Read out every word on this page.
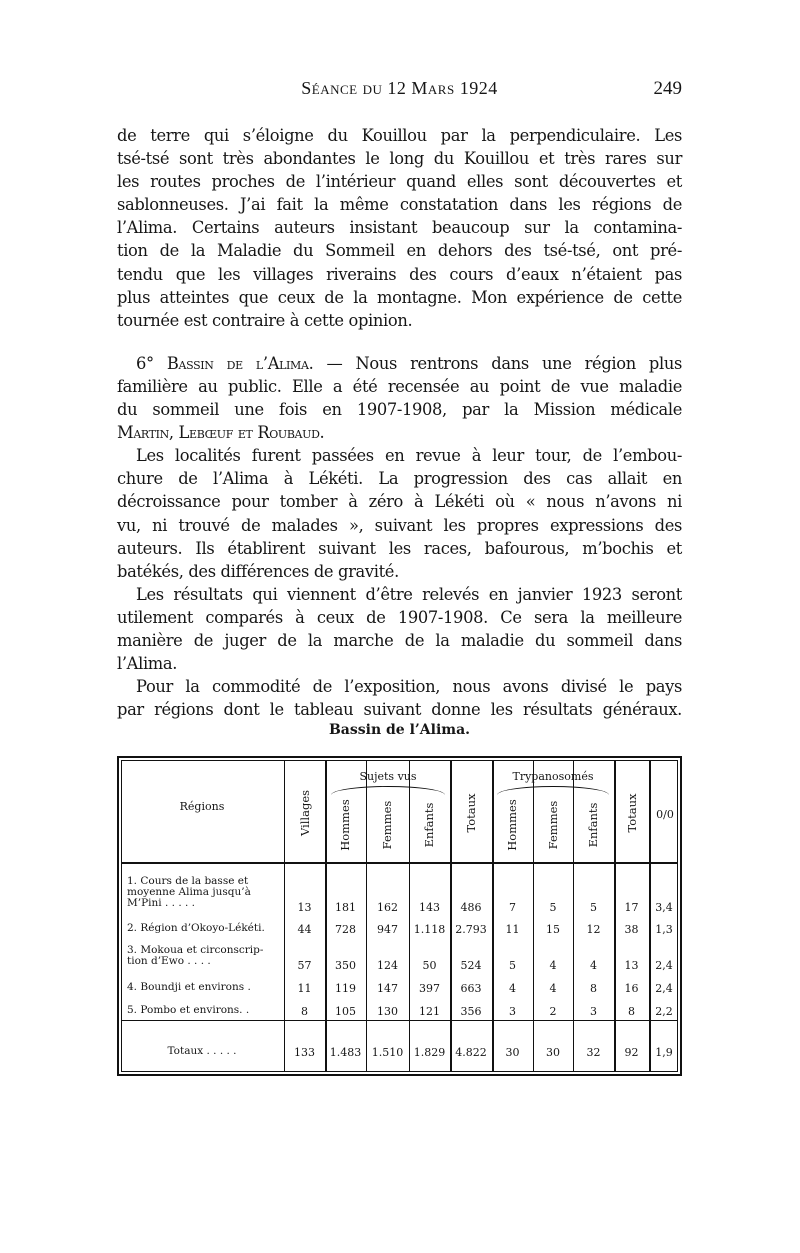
Séance du 12 Mars 1924	249
de terre qui s’éloigne du Kouillou par la perpendiculaire. Les
tsé-tsé sont très abondantes le long du Kouillou et très rares sur
les routes proches de l’intérieur quand elles sont découvertes et
sablonneuses. J’ai fait la même constatation dans les régions de
l’Alima. Certains auteurs insistant beaucoup sur la contamina-
tion de la Maladie du Sommeil en dehors des tsé-tsé, ont pré-
tendu que les villages riverains des cours d’eaux n’étaient pas
plus atteintes que ceux de la montagne. Mon expérience de cette
tournée est contraire à cette opinion.
6° Bassin de l’Alima. — Nous rentrons dans une région plus
familière au public. Elle a été recensée au point de vue maladie
du sommeil une fois en 1907-1908, par la Mission médicale
Martin, Lebœuf et Roubaud.
Les localités furent passées en revue à leur tour, de l’embou-
chure de l’Alima à Lékéti. La progression des cas allait en
décroissance pour tomber à zéro à Lékéti où « nous n’avons ni
vu, ni trouvé de malades », suivant les propres expressions des
auteurs. Ils établirent suivant les races, bafourous, m’bochis et
batékés, des différences de gravité.
Les résultats qui viennent d’être relevés en janvier 1923 seront
utilement comparés à ceux de 1907-1908. Ce sera la meilleure
manière de juger de la marche de la maladie du sommeil dans
l’Alima.
Pour la commodité de l’exposition, nous avons divisé le pays
par régions dont le tableau suivant donne les résultats généraux.
Bassin de l’Alima.
Régions	Villages
Sujets vus
Hommes Femmes Enfants Totaux
Trypanosomés
Hommes Femmes Enfants Totaux	0/0
1. Cours de la basse et
moyenne Alima jusqu’à
M’Pini . . . . .	13	181	162	143	486	7	5	5	17	3,4
2. Région d’Okoyo-Lékéti.	44	728	947	1.118 2.793	11	15	12	38	1,3
3. Mokoua et circonscrip-
tion d’Ewo . . . .	57	350	124	50	524	5	4	4	13	2,4
4. Boundji et environs .	11	119	147	397	663	4	4	8	16	2,4
5. Pombo et environs. .	8	105	130	121	356	3	2	3	8	2,2
Totaux . . . . .	133	1.483 1.510 1.829 4.822	30	30	32	92	1,9
